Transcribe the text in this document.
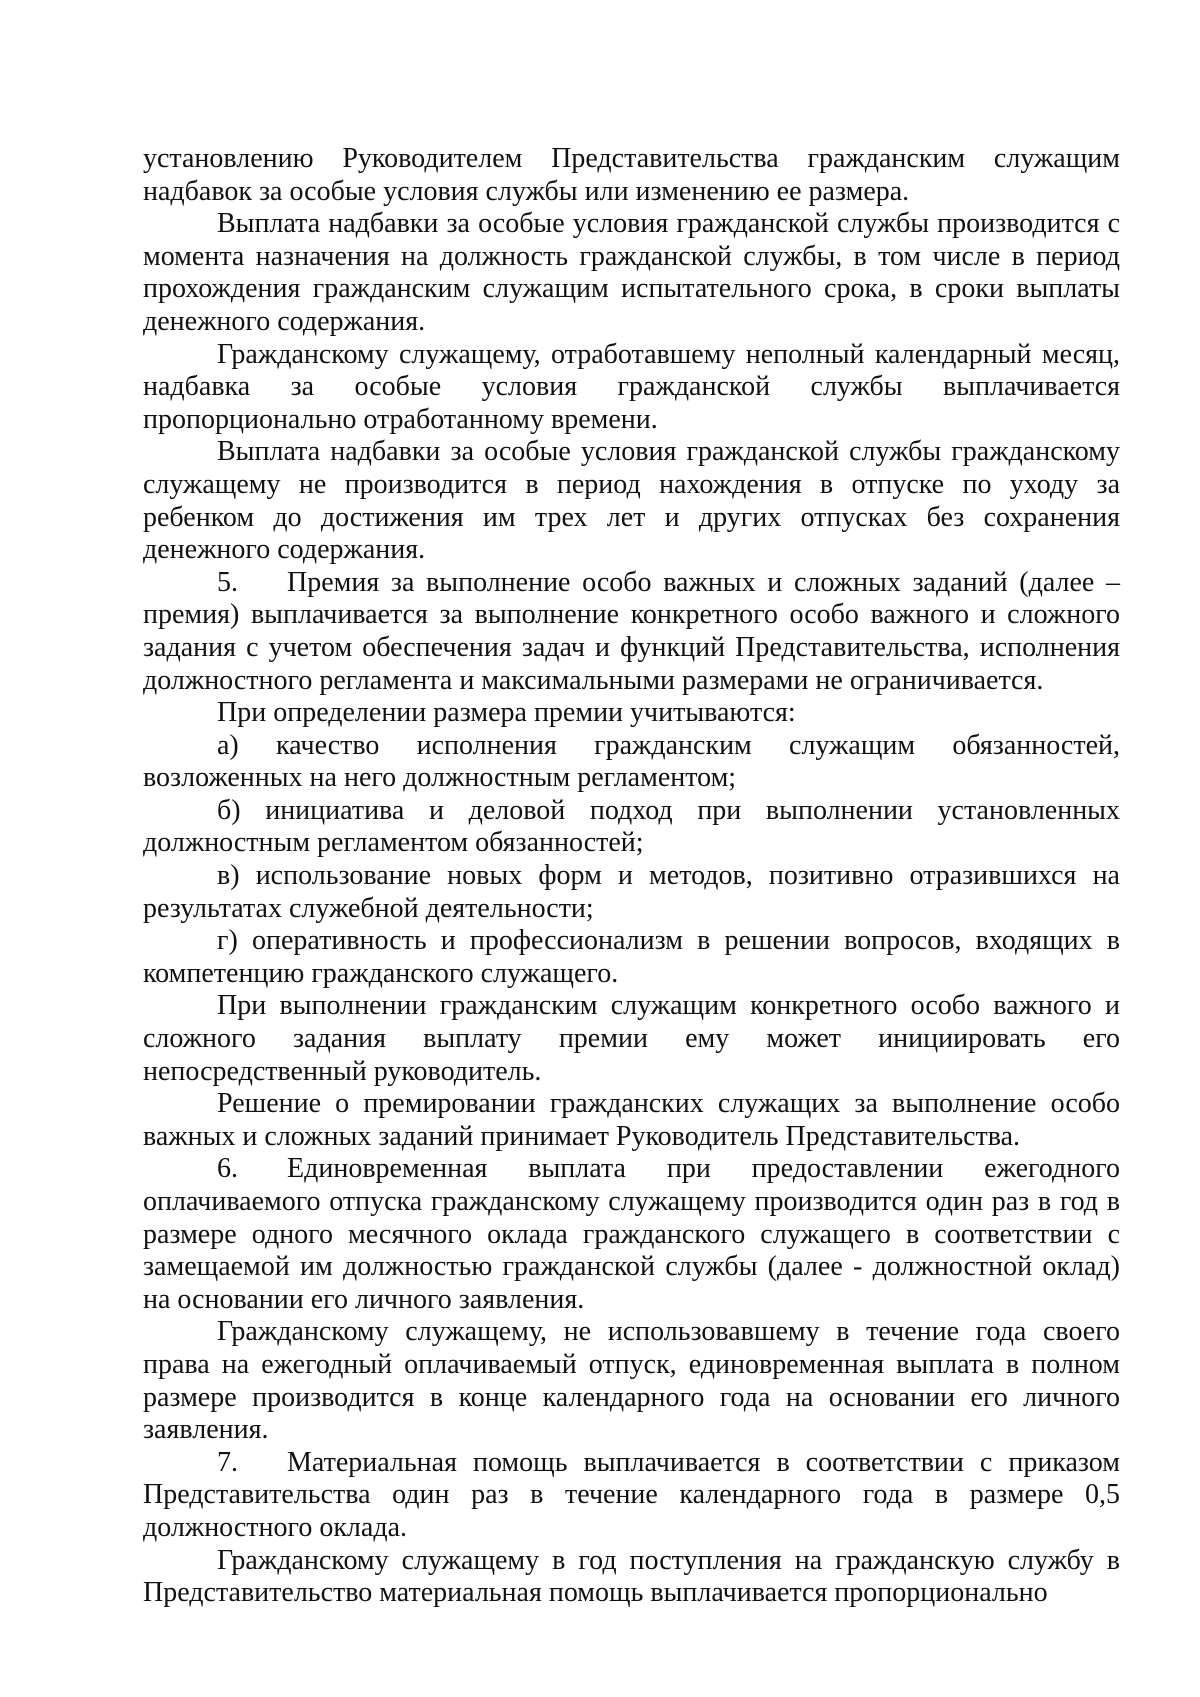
установлению Руководителем Представительства гражданским служащим надбавок за особые условия службы или изменению ее размера.

Выплата надбавки за особые условия гражданской службы производится с момента назначения на должность гражданской службы, в том числе в период прохождения гражданским служащим испытательного срока, в сроки выплаты денежного содержания.

Гражданскому служащему, отработавшему неполный календарный месяц, надбавка за особые условия гражданской службы выплачивается пропорционально отработанному времени.

Выплата надбавки за особые условия гражданской службы гражданскому служащему не производится в период нахождения в отпуске по уходу за ребенком до достижения им трех лет и других отпусках без сохранения денежного содержания.

5. Премия за выполнение особо важных и сложных заданий (далее – премия) выплачивается за выполнение конкретного особо важного и сложного задания с учетом обеспечения задач и функций Представительства, исполнения должностного регламента и максимальными размерами не ограничивается.

При определении размера премии учитываются:

а) качество исполнения гражданским служащим обязанностей, возложенных на него должностным регламентом;

б) инициатива и деловой подход при выполнении установленных должностным регламентом обязанностей;

в) использование новых форм и методов, позитивно отразившихся на результатах служебной деятельности;

г) оперативность и профессионализм в решении вопросов, входящих в компетенцию гражданского служащего.

При выполнении гражданским служащим конкретного особо важного и сложного задания выплату премии ему может инициировать его непосредственный руководитель.

Решение о премировании гражданских служащих за выполнение особо важных и сложных заданий принимает Руководитель Представительства.

6. Единовременная выплата при предоставлении ежегодного оплачиваемого отпуска гражданскому служащему производится один раз в год в размере одного месячного оклада гражданского служащего в соответствии с замещаемой им должностью гражданской службы (далее - должностной оклад) на основании его личного заявления.

Гражданскому служащему, не использовавшему в течение года своего права на ежегодный оплачиваемый отпуск, единовременная выплата в полном размере производится в конце календарного года на основании его личного заявления.

7. Материальная помощь выплачивается в соответствии с приказом Представительства один раз в течение календарного года в размере 0,5 должностного оклада.

Гражданскому служащему в год поступления на гражданскую службу в Представительство материальная помощь выплачивается пропорционально
